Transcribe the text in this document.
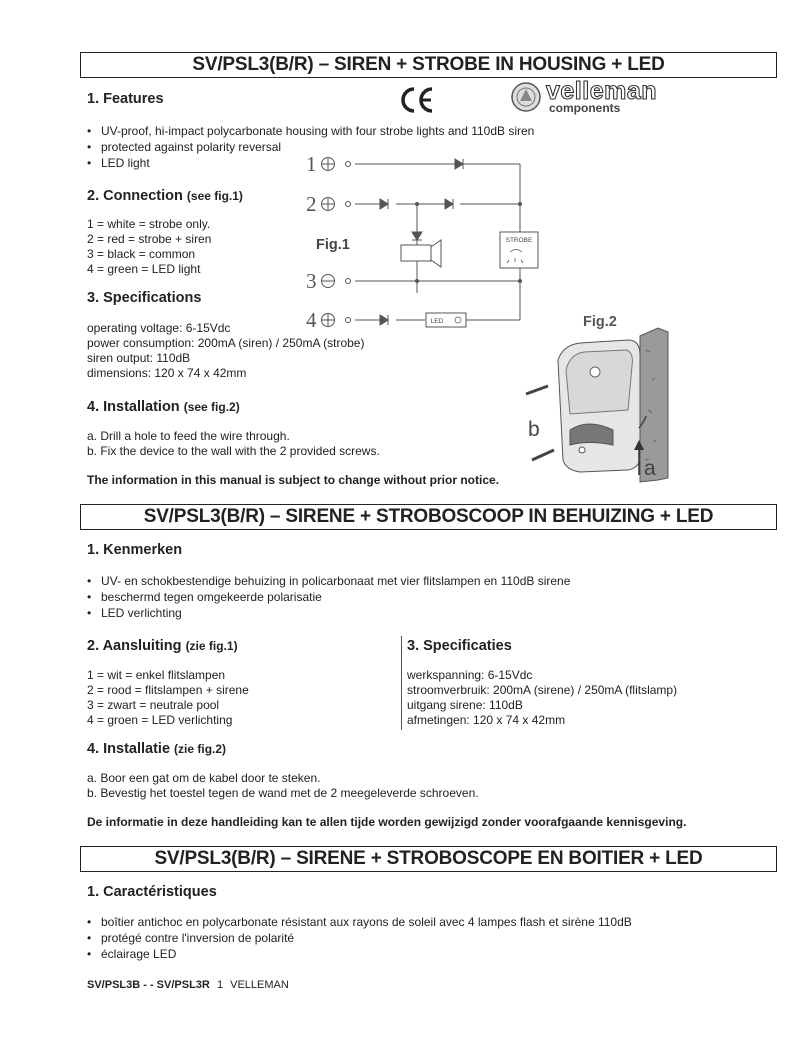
SV/PSL3(B/R) – SIREN + STROBE IN HOUSING + LED
1. Features	velleman
components
• UV-proof, hi-impact polycarbonate housing with four strobe lights and 110dB siren
• protected against polarity reversal
• LED light
2. Connection (see fig.1)
1 = white = strobe only.
2 = red = strobe + siren
3 = black = common
4 = green = LED light
3. Specifications
operating voltage: 6-15Vdc
power consumption: 200mA (siren) / 250mA (strobe)
siren output: 110dB
dimensions: 120 x 74 x 42mm
4. Installation (see fig.2)
a. Drill a hole to feed the wire through.
b. Fix the device to the wall with the 2 provided screws.
The information in this manual is subject to change without prior notice.
1
2
3
4
Fig.1	STROBE
LED	Fig.2
b
a
SV/PSL3(B/R) – SIRENE + STROBOSCOOP IN BEHUIZING + LED
1. Kenmerken
• UV- en schokbestendige behuizing in policarbonaat met vier flitslampen en 110dB sirene
• beschermd tegen omgekeerde polarisatie
• LED verlichting
2. Aansluiting (zie fig.1)
1 = wit = enkel flitslampen
2 = rood = flitslampen + sirene
3 = zwart = neutrale pool
4 = groen = LED verlichting
3. Specificaties
werkspanning: 6-15Vdc
stroomverbruik: 200mA (sirene) / 250mA (flitslamp)
uitgang sirene: 110dB
afmetingen: 120 x 74 x 42mm
4. Installatie (zie fig.2)
a. Boor een gat om de kabel door te steken.
b. Bevestig het toestel tegen de wand met de 2 meegeleverde schroeven.
De informatie in deze handleiding kan te allen tijde worden gewijzigd zonder voorafgaande kennisgeving.
SV/PSL3(B/R) – SIRENE + STROBOSCOPE EN BOITIER + LED
1. Caractéristiques
• boîtier antichoc en polycarbonate résistant aux rayons de soleil avec 4 lampes flash et sirène 110dB
• protégé contre l'inversion de polarité
• éclairage LED
SV/PSL3B - - SV/PSL3R 1 VELLEMAN
